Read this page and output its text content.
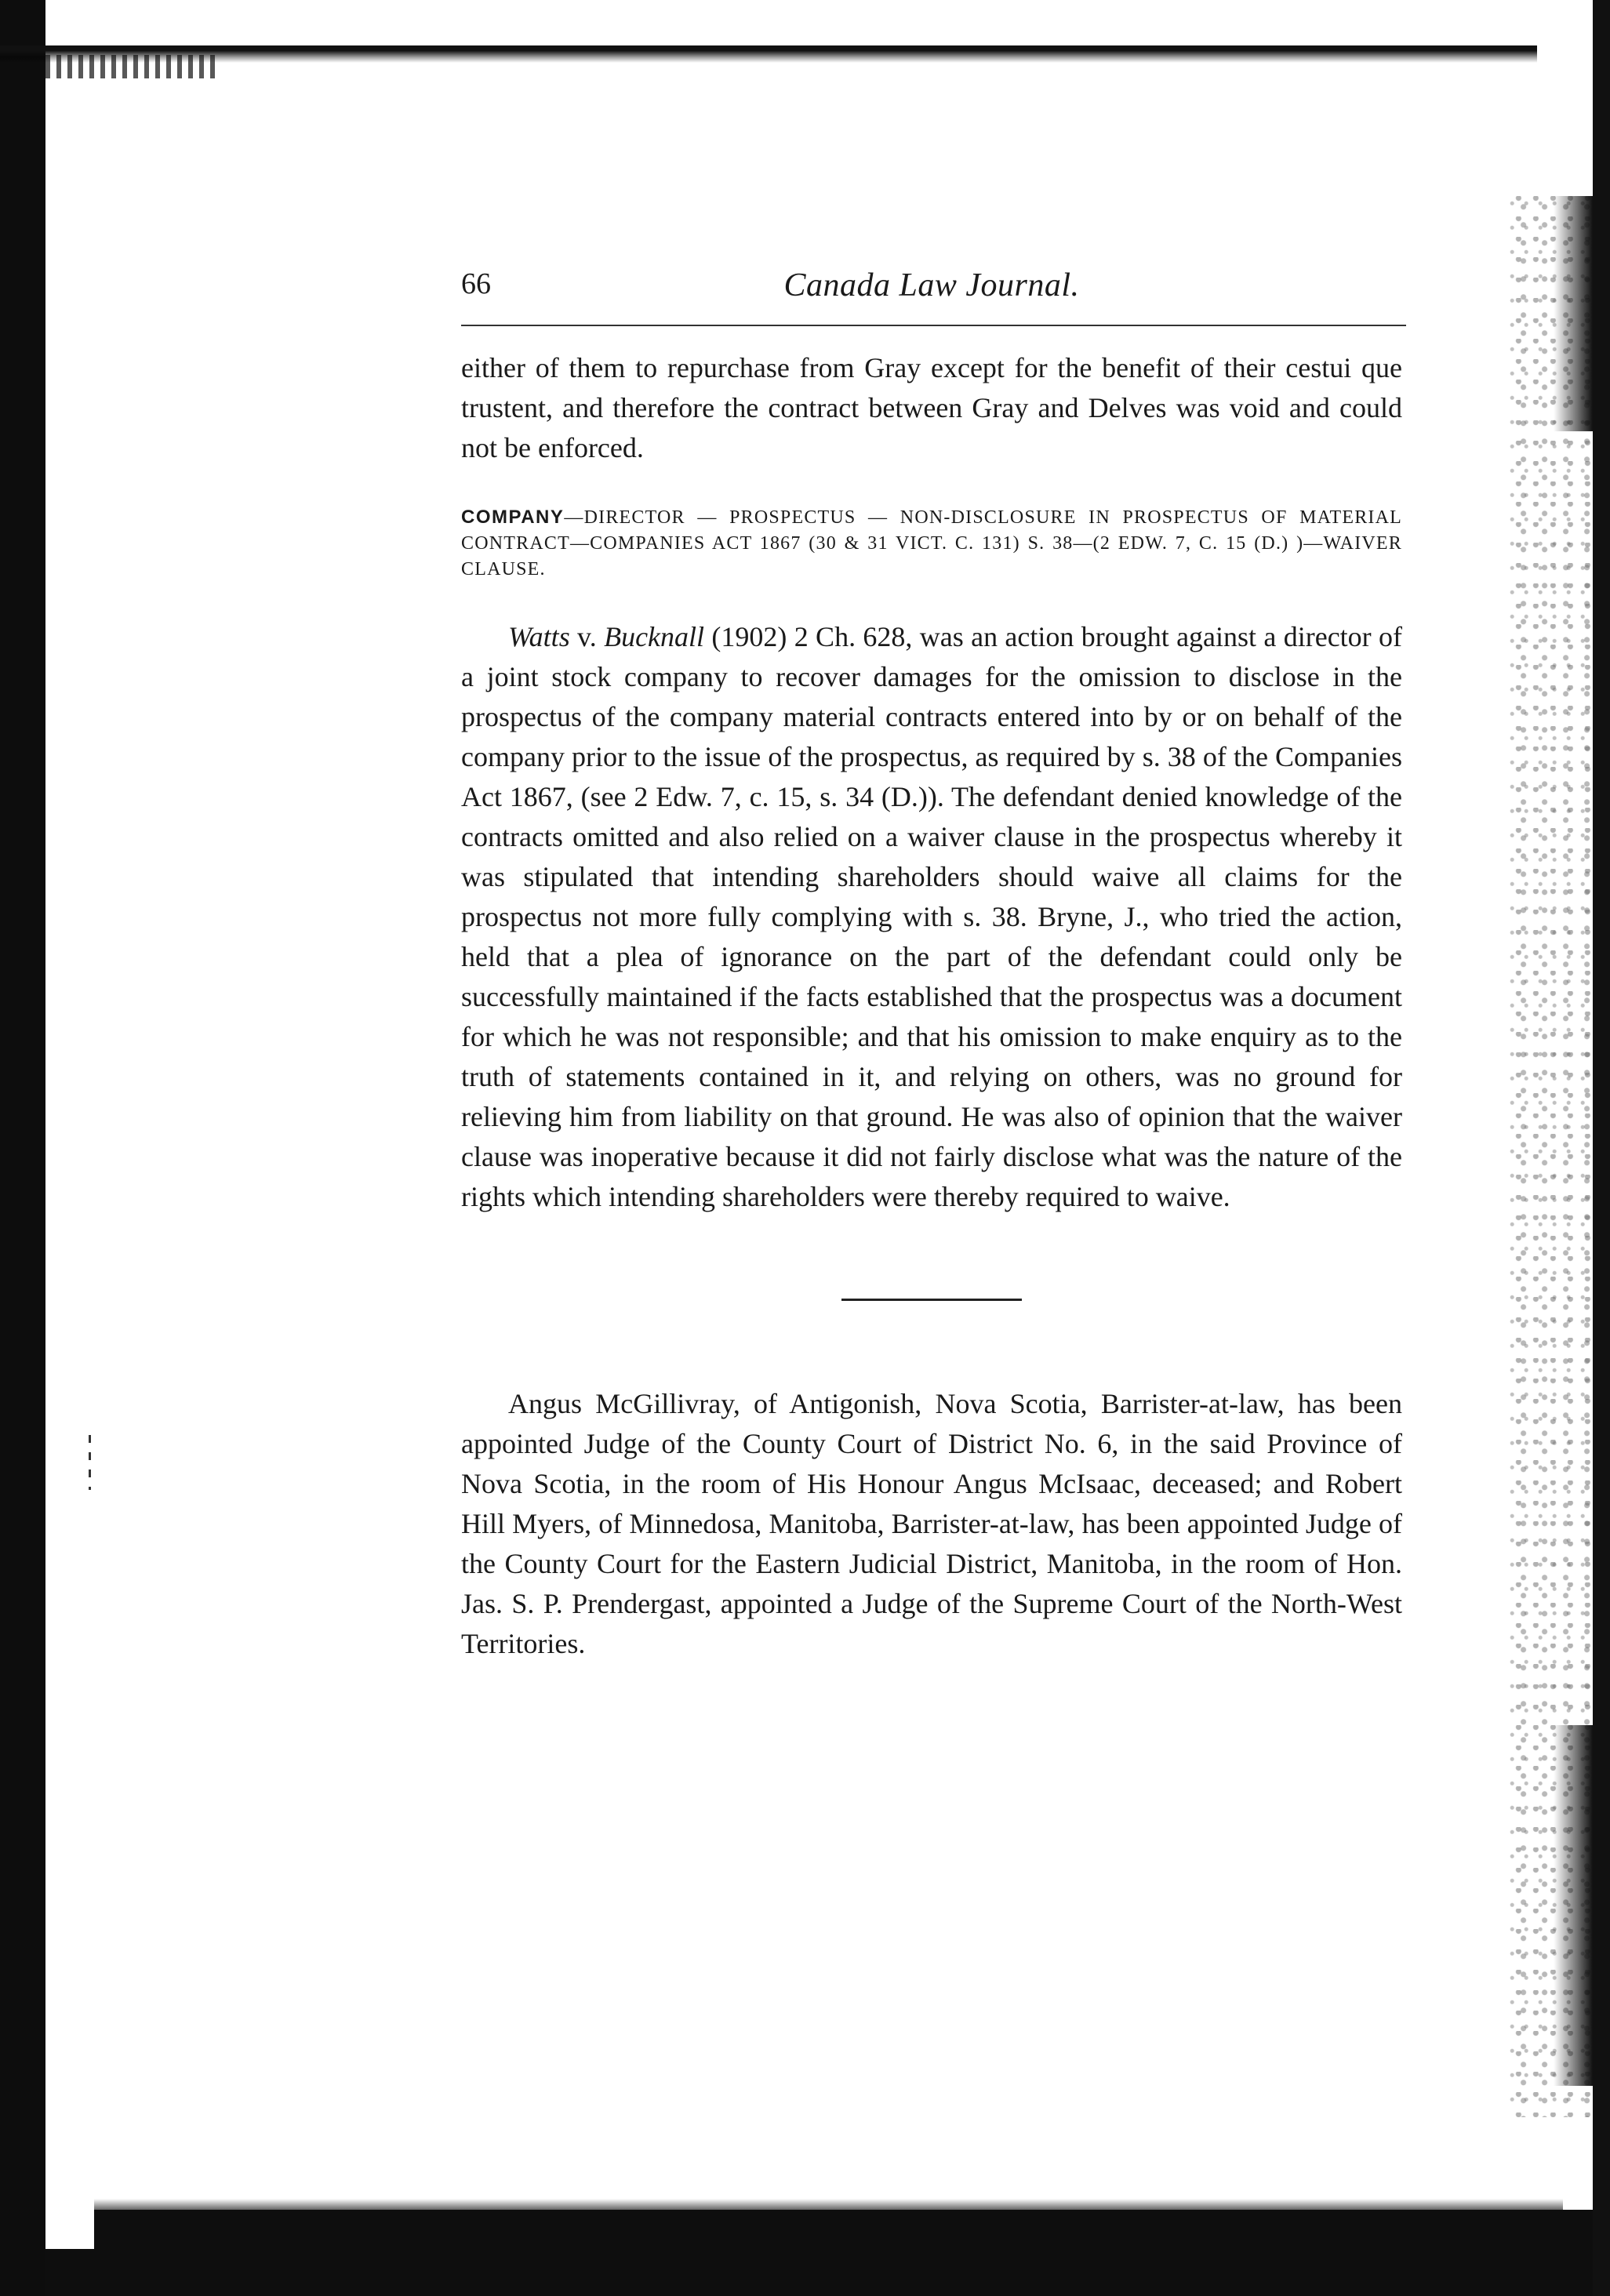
66	Canada Law Journal.

either of them to repurchase from Gray except for the benefit of their cestui que trustent, and therefore the contract between Gray and Delves was void and could not be enforced.

COMPANY—DIRECTOR — PROSPECTUS — NON-DISCLOSURE IN PROSPECTUS OF MATERIAL CONTRACT—COMPANIES ACT 1867 (30 & 31 VICT. C. 131) S. 38—(2 EDW. 7, C. 15 (D.) )—WAIVER CLAUSE.

Watts v. Bucknall (1902) 2 Ch. 628, was an action brought against a director of a joint stock company to recover damages for the omission to disclose in the prospectus of the company material contracts entered into by or on behalf of the company prior to the issue of the prospectus, as required by s. 38 of the Companies Act 1867, (see 2 Edw. 7, c. 15, s. 34 (D.)). The defendant denied knowledge of the contracts omitted and also relied on a waiver clause in the prospectus whereby it was stipulated that intending shareholders should waive all claims for the prospectus not more fully complying with s. 38. Bryne, J., who tried the action, held that a plea of ignorance on the part of the defendant could only be successfully maintained if the facts established that the prospectus was a document for which he was not responsible; and that his omission to make enquiry as to the truth of statements contained in it, and relying on others, was no ground for relieving him from liability on that ground. He was also of opinion that the waiver clause was inoperative because it did not fairly disclose what was the nature of the rights which intending shareholders were thereby required to waive.

Angus McGillivray, of Antigonish, Nova Scotia, Barrister-at-law, has been appointed Judge of the County Court of District No. 6, in the said Province of Nova Scotia, in the room of His Honour Angus McIsaac, deceased; and Robert Hill Myers, of Minnedosa, Manitoba, Barrister-at-law, has been appointed Judge of the County Court for the Eastern Judicial District, Manitoba, in the room of Hon. Jas. S. P. Prendergast, appointed a Judge of the Supreme Court of the North-West Territories.
